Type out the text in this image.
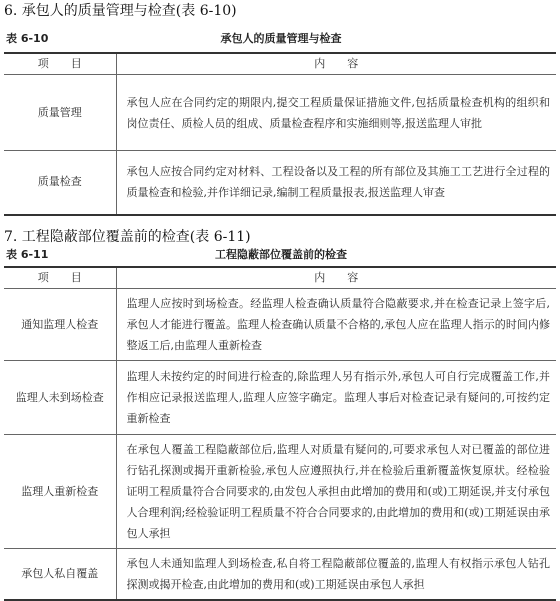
6. 承包人的质量管理与检查(表 6-10)
表 6-10	承包人的质量管理与检查
项　　目	内　　容
质量管理	承包人应在合同约定的期限内,提交工程质量保证措施文件,包括质量检查机构的组织和岗位责任、质检人员的组成、质量检查程序和实施细则等,报送监理人审批
质量检查	承包人应按合同约定对材料、工程设备以及工程的所有部位及其施工工艺进行全过程的质量检查和检验,并作详细记录,编制工程质量报表,报送监理人审查
7. 工程隐蔽部位覆盖前的检查(表 6-11)
表 6-11	工程隐蔽部位覆盖前的检查
项　　目	内　　容
通知监理人检查	监理人应按时到场检查。经监理人检查确认质量符合隐蔽要求,并在检查记录上签字后,承包人才能进行覆盖。监理人检查确认质量不合格的,承包人应在监理人指示的时间内修整返工后,由监理人重新检查
监理人未到场检查	监理人未按约定的时间进行检查的,除监理人另有指示外,承包人可自行完成覆盖工作,并作相应记录报送监理人,监理人应签字确定。监理人事后对检查记录有疑问的,可按约定重新检查
监理人重新检查	在承包人覆盖工程隐蔽部位后,监理人对质量有疑问的,可要求承包人对已覆盖的部位进行钻孔探测或揭开重新检验,承包人应遵照执行,并在检验后重新覆盖恢复原状。经检验证明工程质量符合合同要求的,由发包人承担由此增加的费用和(或)工期延误,并支付承包人合理利润;经检验证明工程质量不符合合同要求的,由此增加的费用和(或)工期延误由承包人承担
承包人私自覆盖	承包人未通知监理人到场检查,私自将工程隐蔽部位覆盖的,监理人有权指示承包人钻孔探测或揭开检查,由此增加的费用和(或)工期延误由承包人承担
